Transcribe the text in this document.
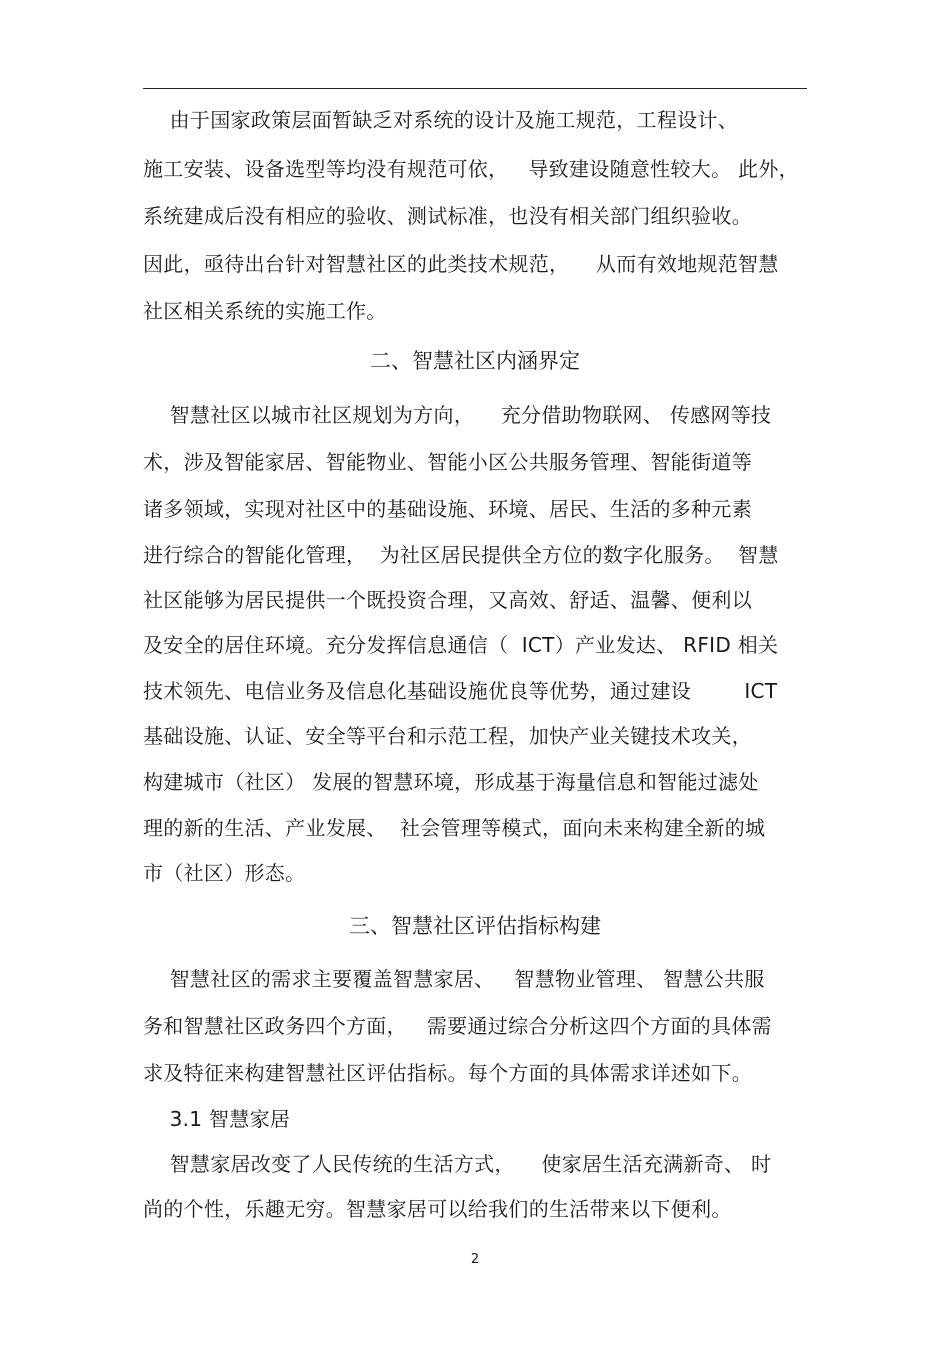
由于国家政策层面暂缺乏对系统的设计及施工规范，工程设计、
施工安装、设备选型等均没有规范可依，   导致建设随意性较大。 此外，
系统建成后没有相应的验收、测试标准，也没有相关部门组织验收。
因此，亟待出台针对智慧社区的此类技术规范，    从而有效地规范智慧
社区相关系统的实施工作。
二、智慧社区内涵界定
智慧社区以城市社区规划为方向，    充分借助物联网、 传感网等技
术，涉及智能家居、智能物业、智能小区公共服务管理、智能街道等
诸多领域，实现对社区中的基础设施、环境、居民、生活的多种元素
进行综合的智能化管理，  为社区居民提供全方位的数字化服务。  智慧
社区能够为居民提供一个既投资合理，又高效、舒适、温馨、便利以
及安全的居住环境。充分发挥信息通信（  ICT）产业发达、 RFID 相关
技术领先、电信业务及信息化基础设施优良等优势，通过建设        ICT
基础设施、认证、安全等平台和示范工程，加快产业关键技术攻关，
构建城市（社区） 发展的智慧环境，形成基于海量信息和智能过滤处
理的新的生活、产业发展、  社会管理等模式，面向未来构建全新的城
市（社区）形态。
三、智慧社区评估指标构建
智慧社区的需求主要覆盖智慧家居、   智慧物业管理、 智慧公共服
务和智慧社区政务四个方面，   需要通过综合分析这四个方面的具体需
求及特征来构建智慧社区评估指标。每个方面的具体需求详述如下。
3.1 智慧家居
智慧家居改变了人民传统的生活方式，    使家居生活充满新奇、 时
尚的个性，乐趣无穷。智慧家居可以给我们的生活带来以下便利。
2
